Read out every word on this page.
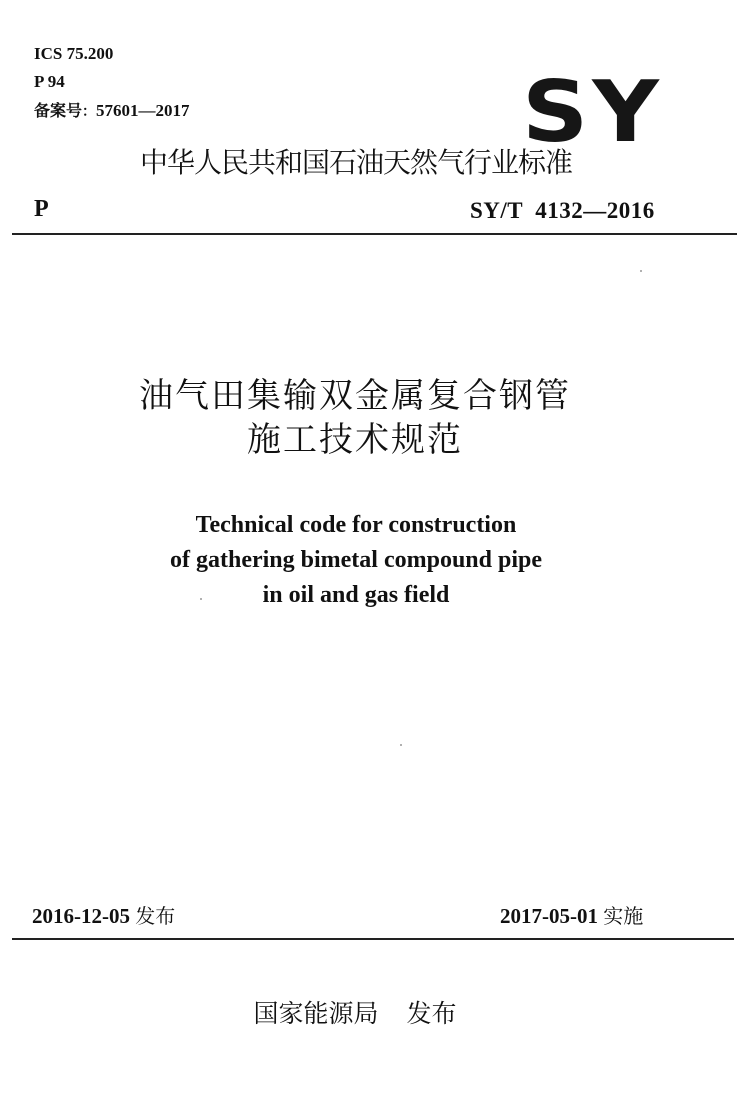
ICS 75.200
P 94
备案号：57601—2017	SY
中华人民共和国石油天然气行业标准
P	SY/T  4132—2016
油气田集输双金属复合钢管
施工技术规范
Technical code for construction
of gathering bimetal compound pipe
in oil and gas field
2016-12-05 发布	2017-05-01 实施
国家能源局 发布
